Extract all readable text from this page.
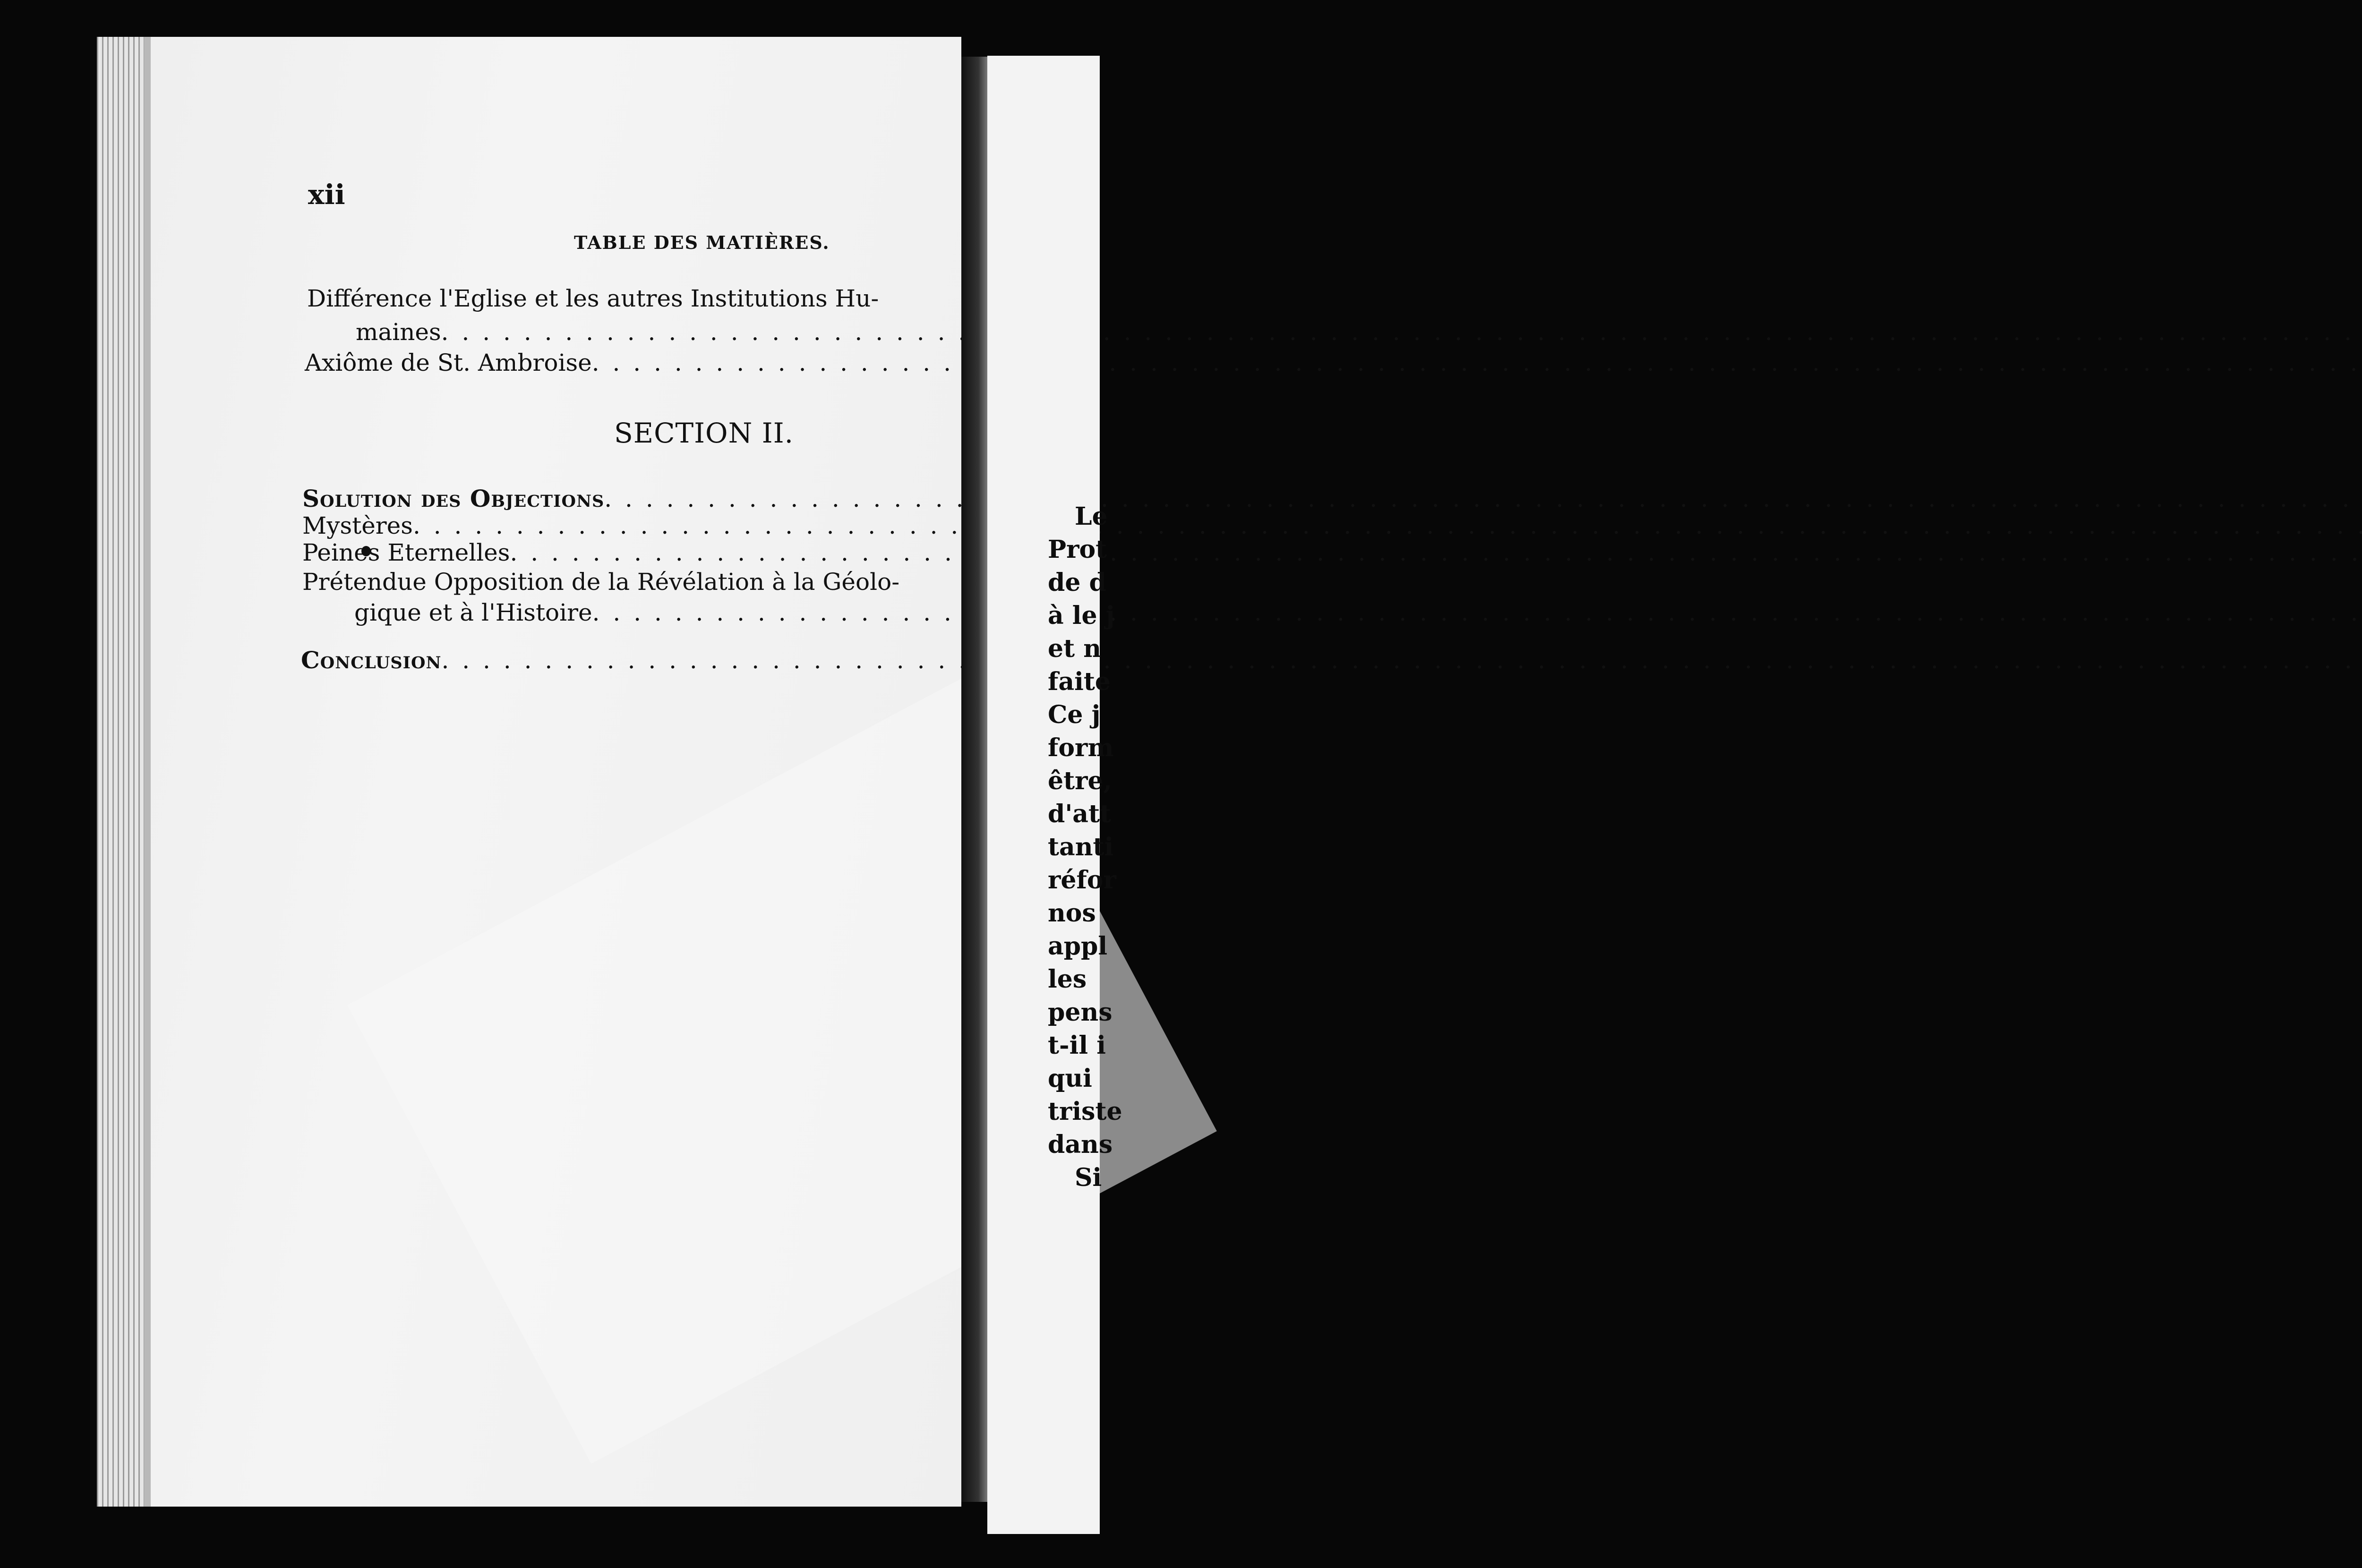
xii
TABLE DES MATIÈRES.
Différence l'Eglise et les autres Institutions Hu-
maines
. . .
Axiôme de St. Ambroise
. . .
SECTION II.
Solution des Objections
. . .
Mystères
. . .
Peines Eternelles
. . .
Prétendue Opposition de la Révélation à la Géolo-
gique et à l'Histoire
. . .
Conclusion
. . .
Le
Prot
de d
à le j
et n
faite
Ce j
form
être,
d'att
tanti
réfor
nos
appl
les
pens
t-il i
qui
triste
dans
Si
